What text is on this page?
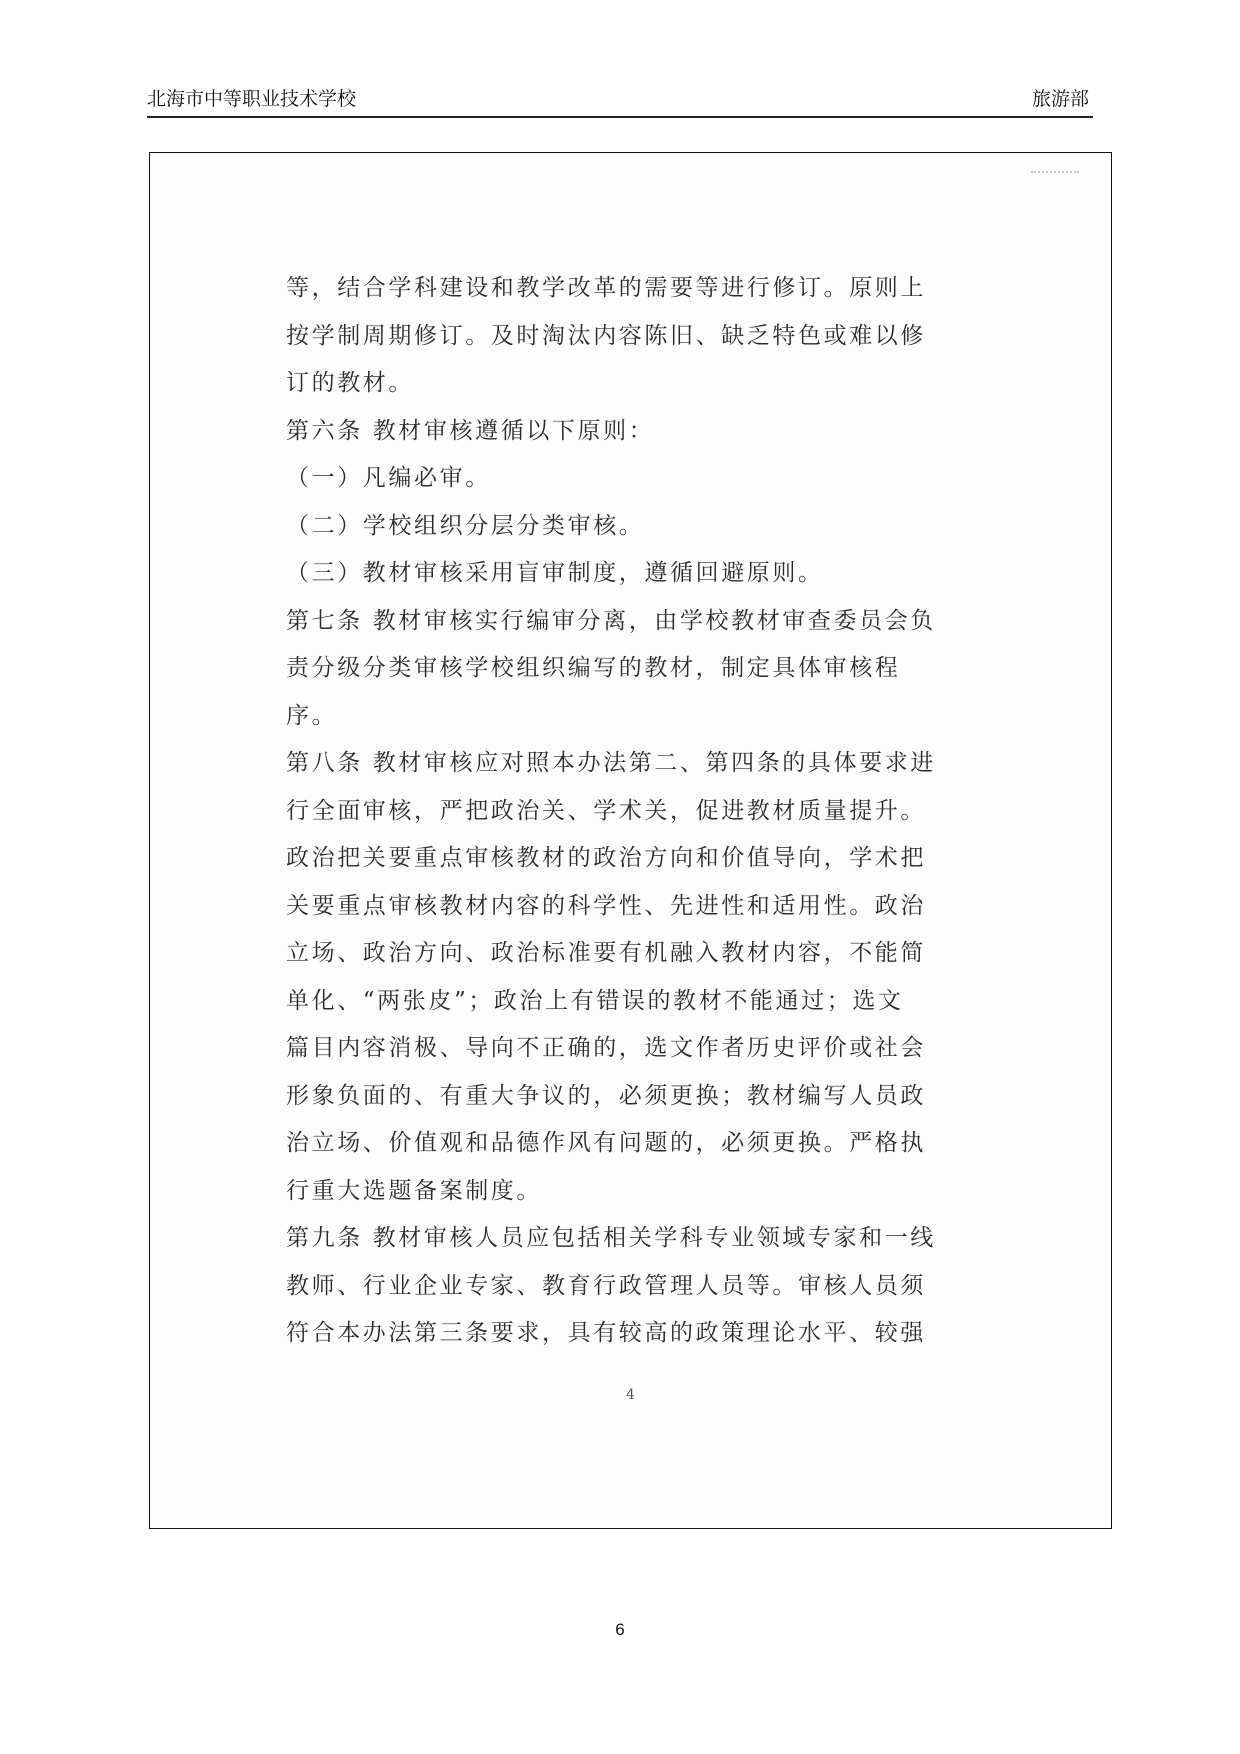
北海市中等职业技术学校	旅游部
等，结合学科建设和教学改革的需要等进行修订。原则上
按学制周期修订。及时淘汰内容陈旧、缺乏特色或难以修
订的教材。
第六条 教材审核遵循以下原则：
（一）凡编必审。
（二）学校组织分层分类审核。
（三）教材审核采用盲审制度，遵循回避原则。
第七条 教材审核实行编审分离，由学校教材审查委员会负
责分级分类审核学校组织编写的教材，制定具体审核程
序。
第八条 教材审核应对照本办法第二、第四条的具体要求进
行全面审核，严把政治关、学术关，促进教材质量提升。
政治把关要重点审核教材的政治方向和价值导向，学术把
关要重点审核教材内容的科学性、先进性和适用性。政治
立场、政治方向、政治标准要有机融入教材内容，不能简
单化、“两张皮”；政治上有错误的教材不能通过；选文
篇目内容消极、导向不正确的，选文作者历史评价或社会
形象负面的、有重大争议的，必须更换；教材编写人员政
治立场、价值观和品德作风有问题的，必须更换。严格执
行重大选题备案制度。
第九条 教材审核人员应包括相关学科专业领域专家和一线
教师、行业企业专家、教育行政管理人员等。审核人员须
符合本办法第三条要求，具有较高的政策理论水平、较强
4
6
